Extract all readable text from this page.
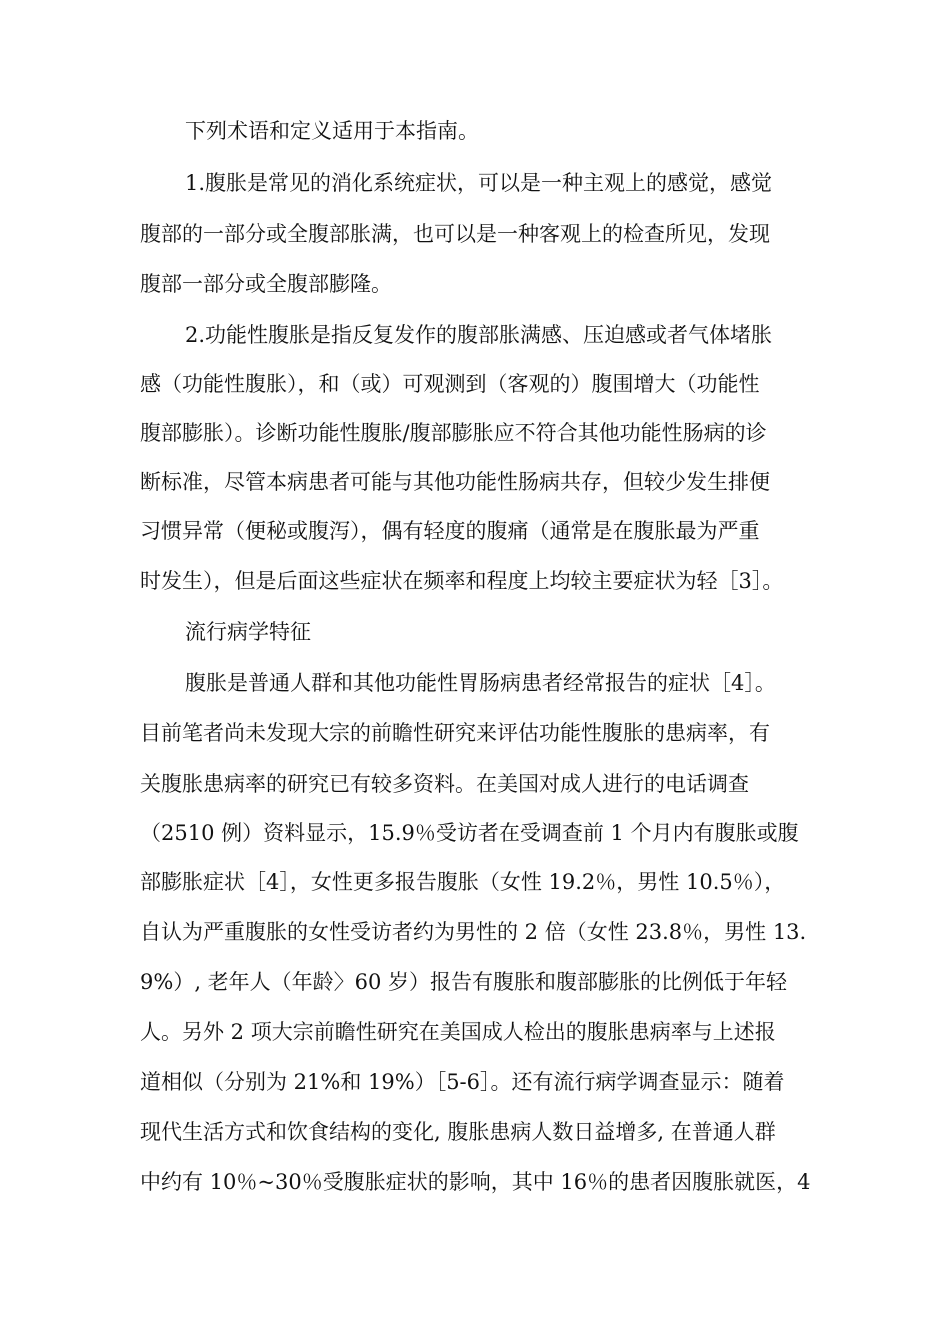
下列术语和定义适用于本指南。
1.腹胀是常见的消化系统症状，可以是一种主观上的感觉，感觉
腹部的一部分或全腹部胀满，也可以是一种客观上的检查所见，发现
腹部一部分或全腹部膨隆。
2.功能性腹胀是指反复发作的腹部胀满感、压迫感或者气体堵胀
感（功能性腹胀），和（或）可观测到（客观的）腹围增大（功能性
腹部膨胀）。诊断功能性腹胀/腹部膨胀应不符合其他功能性肠病的诊
断标准，尽管本病患者可能与其他功能性肠病共存，但较少发生排便
习惯异常（便秘或腹泻），偶有轻度的腹痛（通常是在腹胀最为严重
时发生），但是后面这些症状在频率和程度上均较主要症状为轻［3］。
流行病学特征
腹胀是普通人群和其他功能性胃肠病患者经常报告的症状［4］。
目前笔者尚未发现大宗的前瞻性研究来评估功能性腹胀的患病率，有
关腹胀患病率的研究已有较多资料。在美国对成人进行的电话调查
（2510 例）资料显示，15.9％受访者在受调查前 1 个月内有腹胀或腹
部膨胀症状［4］，女性更多报告腹胀（女性 19.2％，男性 10.5％），
自认为严重腹胀的女性受访者约为男性的 2 倍（女性 23.8％，男性 13.
9%）, 老年人（年龄〉60 岁）报告有腹胀和腹部膨胀的比例低于年轻
人。另外 2 项大宗前瞻性研究在美国成人检出的腹胀患病率与上述报
道相似（分别为 21%和 19%）［5-6］。还有流行病学调查显示：随着
现代生活方式和饮食结构的变化, 腹胀患病人数日益增多, 在普通人群
中约有 10％~30％受腹胀症状的影响，其中 16％的患者因腹胀就医，4
